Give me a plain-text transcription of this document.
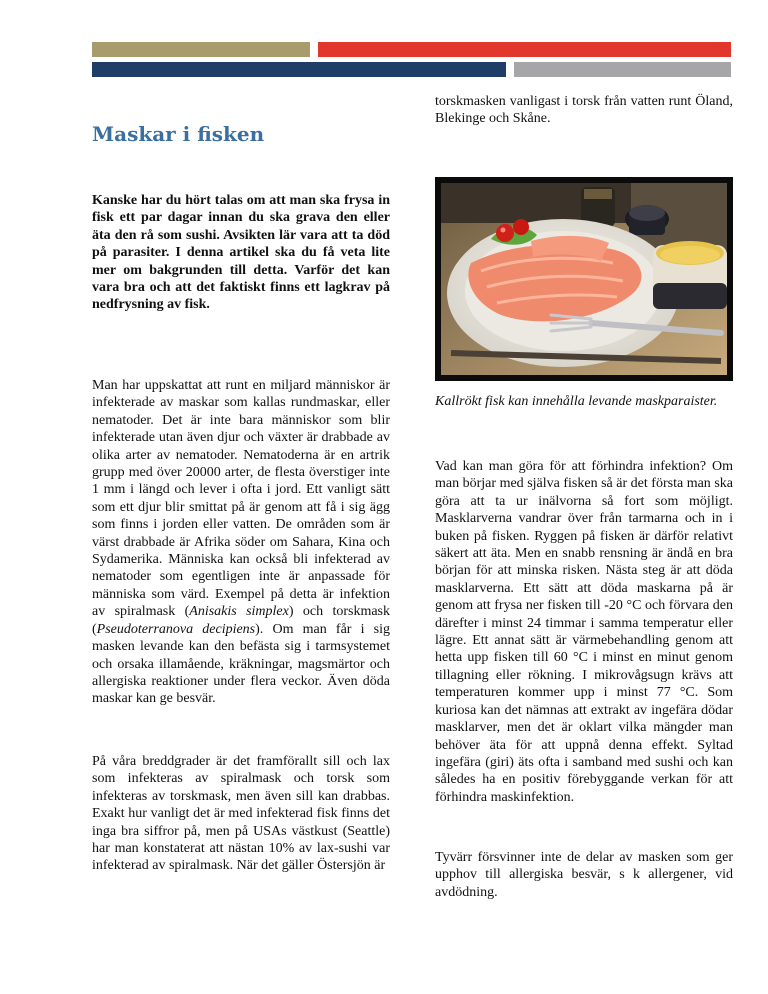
Maskar i fisken

Kanske har du hört talas om att man ska frysa in fisk ett par dagar innan du ska grava den eller äta den rå som sushi. Avsikten lär vara att ta död på parasiter. I denna artikel ska du få veta lite mer om bakgrunden till detta. Varför det kan vara bra och att det faktiskt finns ett lagkrav på nedfrysning av fisk.

Man har uppskattat att runt en miljard människor är infekterade av maskar som kallas rundmaskar, eller nematoder. Det är inte bara människor som blir infekterade utan även djur och växter är drabbade av olika arter av nematoder. Nematoderna är en artrik grupp med över 20000 arter, de flesta överstiger inte 1 mm i längd och lever i ofta i jord. Ett vanligt sätt som ett djur blir smittat på är genom att få i sig ägg som finns i jorden eller vatten. De områden som är värst drabbade är Afrika söder om Sahara, Kina och Sydamerika. Människa kan också bli infekterad av nematoder som egentligen inte är anpassade för människa som värd. Exempel på detta är infektion av spiralmask (Anisakis simplex) och torskmask (Pseudoterranova decipiens). Om man får i sig masken levande kan den befästa sig i tarmsystemet och orsaka illamående, kräkningar, magsmärtor och allergiska reaktioner under flera veckor. Även döda maskar kan ge besvär.

På våra breddgrader är det framförallt sill och lax som infekteras av spiralmask och torsk som infekteras av torskmask, men även sill kan drabbas. Exakt hur vanligt det är med infekterad fisk finns det inga bra siffror på, men på USAs västkust (Seattle) har man konstaterat att nästan 10% av lax-sushi var infekterad av spiralmask. När det gäller Östersjön är

torskmasken vanligast i torsk från vatten runt Öland, Blekinge och Skåne.

Kallrökt fisk kan innehålla levande maskparaister.

Vad kan man göra för att förhindra infektion? Om man börjar med själva fisken så är det första man ska göra att ta ur inälvorna så fort som möjligt. Masklarverna vandrar över från tarmarna och in i buken på fisken. Ryggen på fisken är därför relativt säkert att äta. Men en snabb rensning är ändå en bra början för att minska risken. Nästa steg är att döda masklarverna. Ett sätt att döda maskarna på är genom att frysa ner fisken till -20 °C och förvara den därefter i minst 24 timmar i samma temperatur eller lägre. Ett annat sätt är värmebehandling genom att hetta upp fisken till 60 °C i minst en minut genom tillagning eller rökning. I mikrovågsugn krävs att temperaturen kommer upp i minst 77 °C. Som kuriosa kan det nämnas att extrakt av ingefära dödar masklarver, men det är oklart vilka mängder man behöver äta för att uppnå denna effekt. Syltad ingefära (giri) äts ofta i samband med sushi och kan således ha en positiv förebyggande verkan för att förhindra maskinfektion.

Tyvärr försvinner inte de delar av masken som ger upphov till allergiska besvär, s k allergener, vid avdödning.
